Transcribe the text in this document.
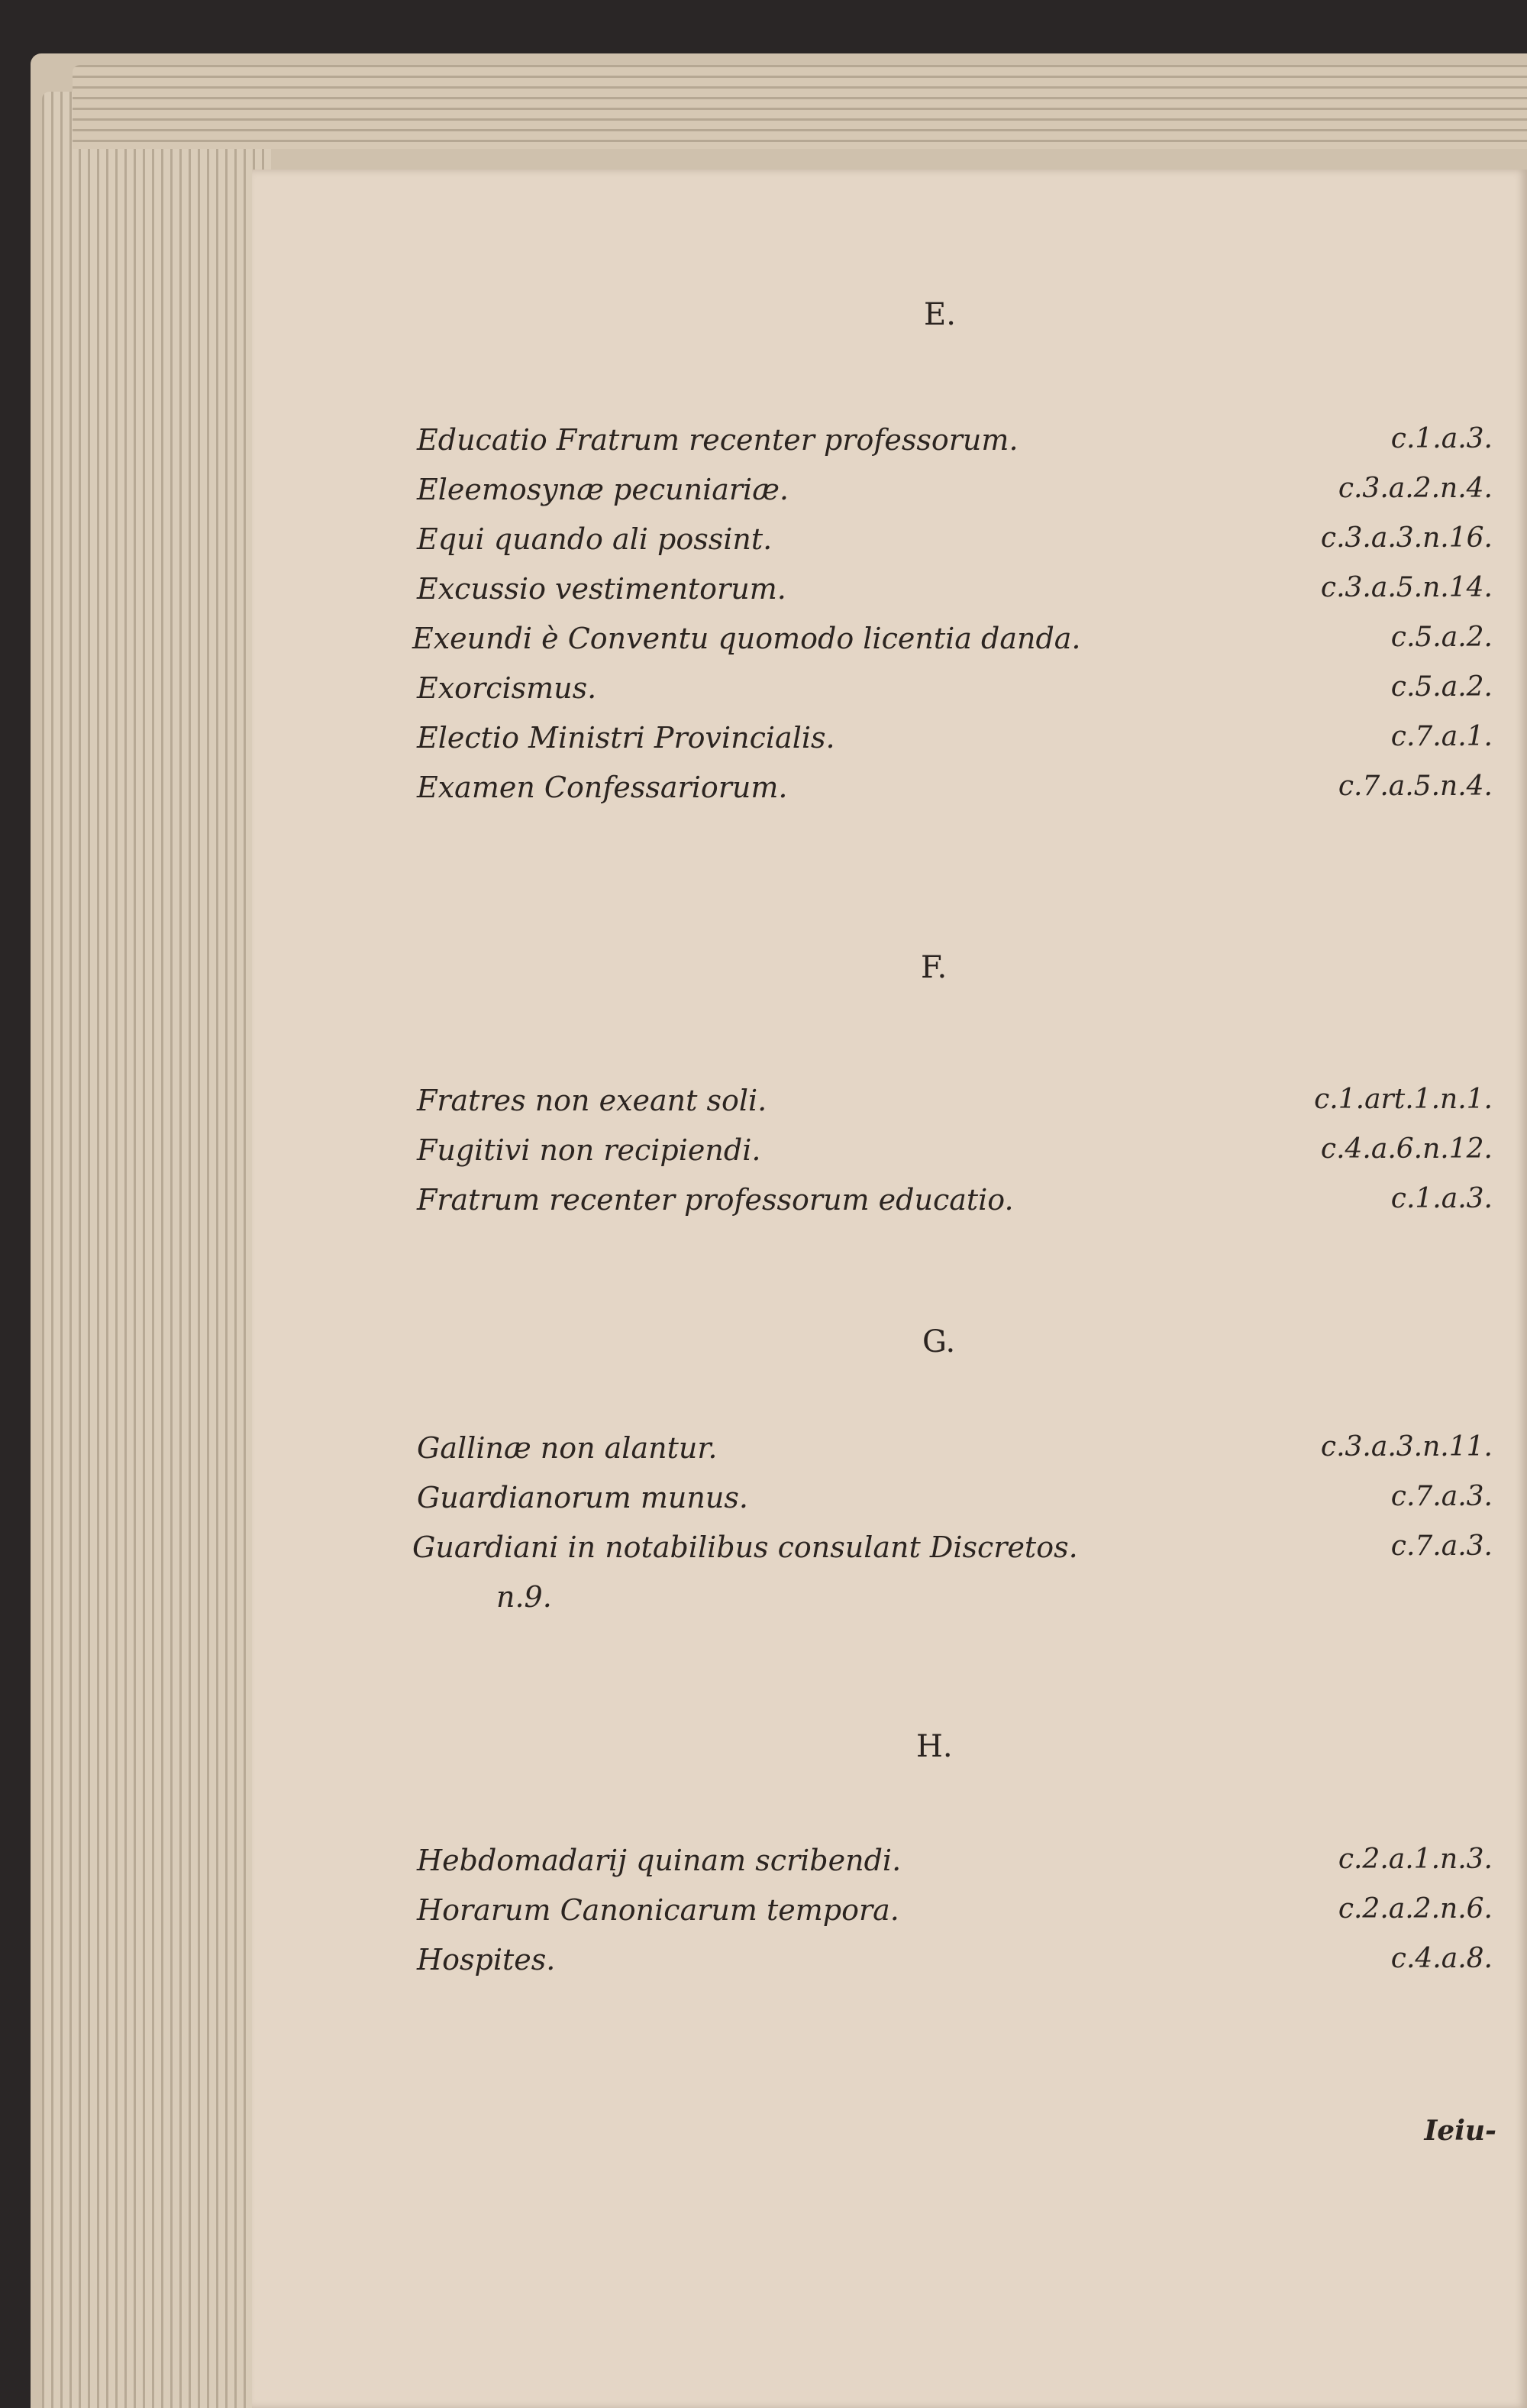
E.
Educatio Fratrum recenter professorum.	c.1.a.3.
Eleemosynæ pecuniariæ.	c.3.a.2.n.4.
Equi quando ali possint.	c.3.a.3.n.16.
Excussio vestimentorum.	c.3.a.5.n.14.
Exeundi è Conventu quomodo licentia danda.	c.5.a.2.
Exorcismus.	c.5.a.2.
Electio Ministri Provincialis.	c.7.a.1.
Examen Confessariorum.	c.7.a.5.n.4.
F.
Fratres non exeant soli.	c.1.art.1.n.1.
Fugitivi non recipiendi.	c.4.a.6.n.12.
Fratrum recenter professorum educatio.	c.1.a.3.
G.
Gallinæ non alantur.	c.3.a.3.n.11.
Guardianorum munus.	c.7.a.3.
Guardiani in notabilibus consulant Discretos.	c.7.a.3.
n.9.
H.
Hebdomadarij quinam scribendi.	c.2.a.1.n.3.
Horarum Canonicarum tempora.	c.2.a.2.n.6.
Hospites.	c.4.a.8.
Ieiu-
